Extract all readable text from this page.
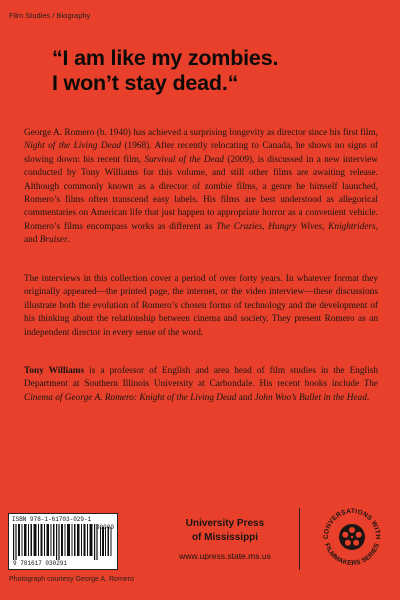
Film Studies / Biography
“I am like my zombies.
I won’t stay dead.“

George A. Romero (b. 1940) has achieved a surprising longevity as director since his first film, Night of the Living Dead (1968). After recently relocating to Canada, he shows no signs of slowing down: his recent film, Survival of the Dead (2009), is discussed in a new interview conducted by Tony Williams for this volume, and still other films are awaiting release. Although commonly known as a director of zombie films, a genre he himself launched, Romero’s films often transcend easy labels. His films are best understood as allegorical commentaries on American life that just happen to appropriate horror as a convenient vehicle. Romero’s films encompass works as different as The Crazies, Hungry Wives, Knightriders, and Bruiser.

The interviews in this collection cover a period of over forty years. In whatever format they originally appeared—the printed page, the internet, or the video interview—these discussions illustrate both the evolution of Romero’s chosen forms of technology and the development of his thinking about the relationship between cinema and society. They present Romero as an independent director in every sense of the word.

Tony Williams is a professor of English and area head of film studies in the English Department at Southern Illinois University at Carbondale. His recent books include The Cinema of George A. Romero: Knight of the Living Dead and John Woo’s Bullet in the Head.

ISBN 978-1-61703-029-1
90000
9 781617 030291
University Press
of Mississippi
www.upress.state.ms.us
CONVERSATIONS WITH
FILMMAKERS SERIES
Photograph courtesy George A. Romero
